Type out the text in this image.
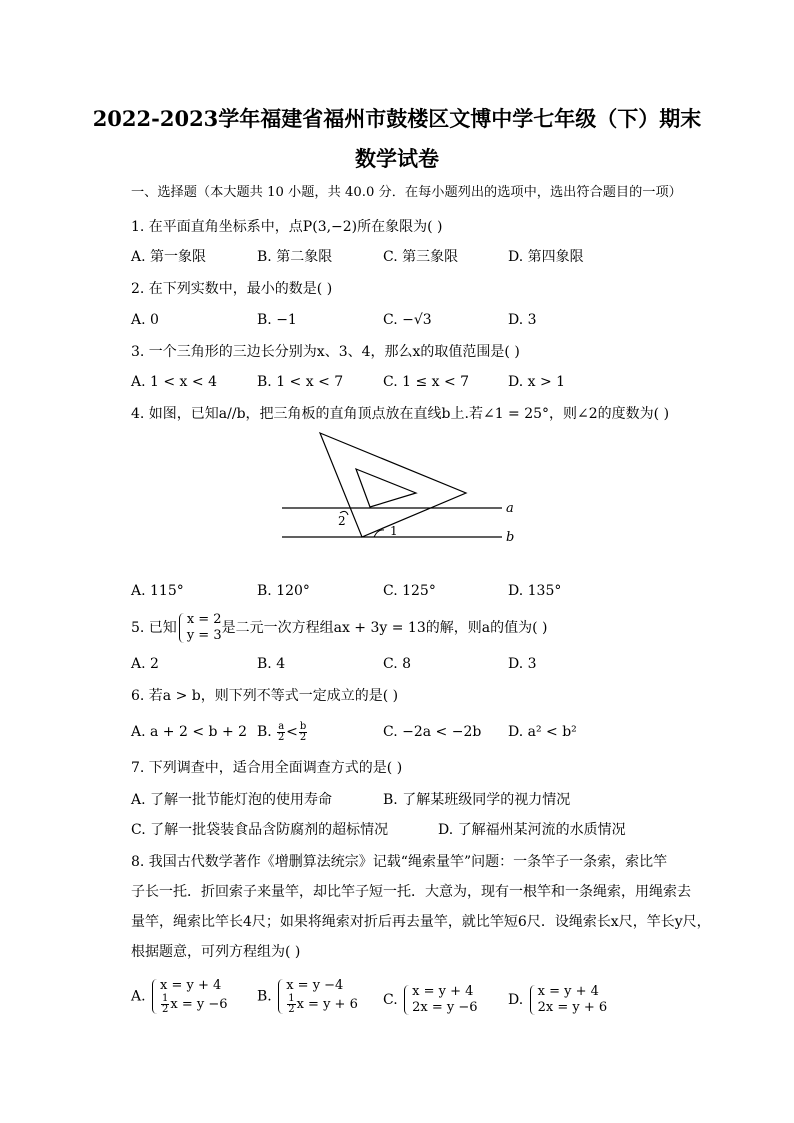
2022-2023学年福建省福州市鼓楼区文博中学七年级（下）期末
数学试卷
一、选择题（本大题共 10 小题，共 40.0 分．在每小题列出的选项中，选出符合题目的一项）
1. 在平面直角坐标系中，点P(3,−2)所在象限为( )
A. 第一象限	B. 第二象限	C. 第三象限	D. 第四象限
2. 在下列实数中，最小的数是( )
A. 0	B. −1	C. −√3	D. 3
3. 一个三角形的三边长分别为x、3、4，那么x的取值范围是( )
A. 1 < x < 4	B. 1 < x < 7	C. 1 ≤ x < 7	D. x > 1
4. 如图，已知a//b，把三角板的直角顶点放在直线b上.若∠1 = 25°，则∠2的度数为( )
a
b
1
2
A. 115°	B. 120°	C. 125°	D. 135°
5. 已知
x = 2
y = 3 是二元一次方程组ax + 3y = 13的解，则a的值为( )
A. 2	B. 4	C. 8	D. 3
6. 若a > b，则下列不等式一定成立的是( )
A. a + 2 < b + 2 B. $\frac{a}{2} < \frac{b}{2}$	C. −2a < −2b D. a² < b²
7. 下列调查中，适合用全面调查方式的是( )
A. 了解一批节能灯泡的使用寿命	B. 了解某班级同学的视力情况
C. 了解一批袋装食品含防腐剂的超标情况	D. 了解福州某河流的水质情况
8. 我国古代数学著作《增删算法统宗》记载“绳索量竿”问题：一条竿子一条索，索比竿
子长一托．折回索子来量竿，却比竿子短一托．大意为，现有一根竿和一条绳索，用绳索去
量竿，绳索比竿长4尺；如果将绳索对折后再去量竿，就比竿短6尺．设绳索长x尺，竿长y尺，
根据题意，可列方程组为( )
A.
x = y + 4
$\frac{1}{2}$ x = y −6 B.
x = y −4
$\frac{1}{2}$ x = y + 6 C.
x = y + 4
2x = y −6 D.
x = y + 4
2x = y + 6
